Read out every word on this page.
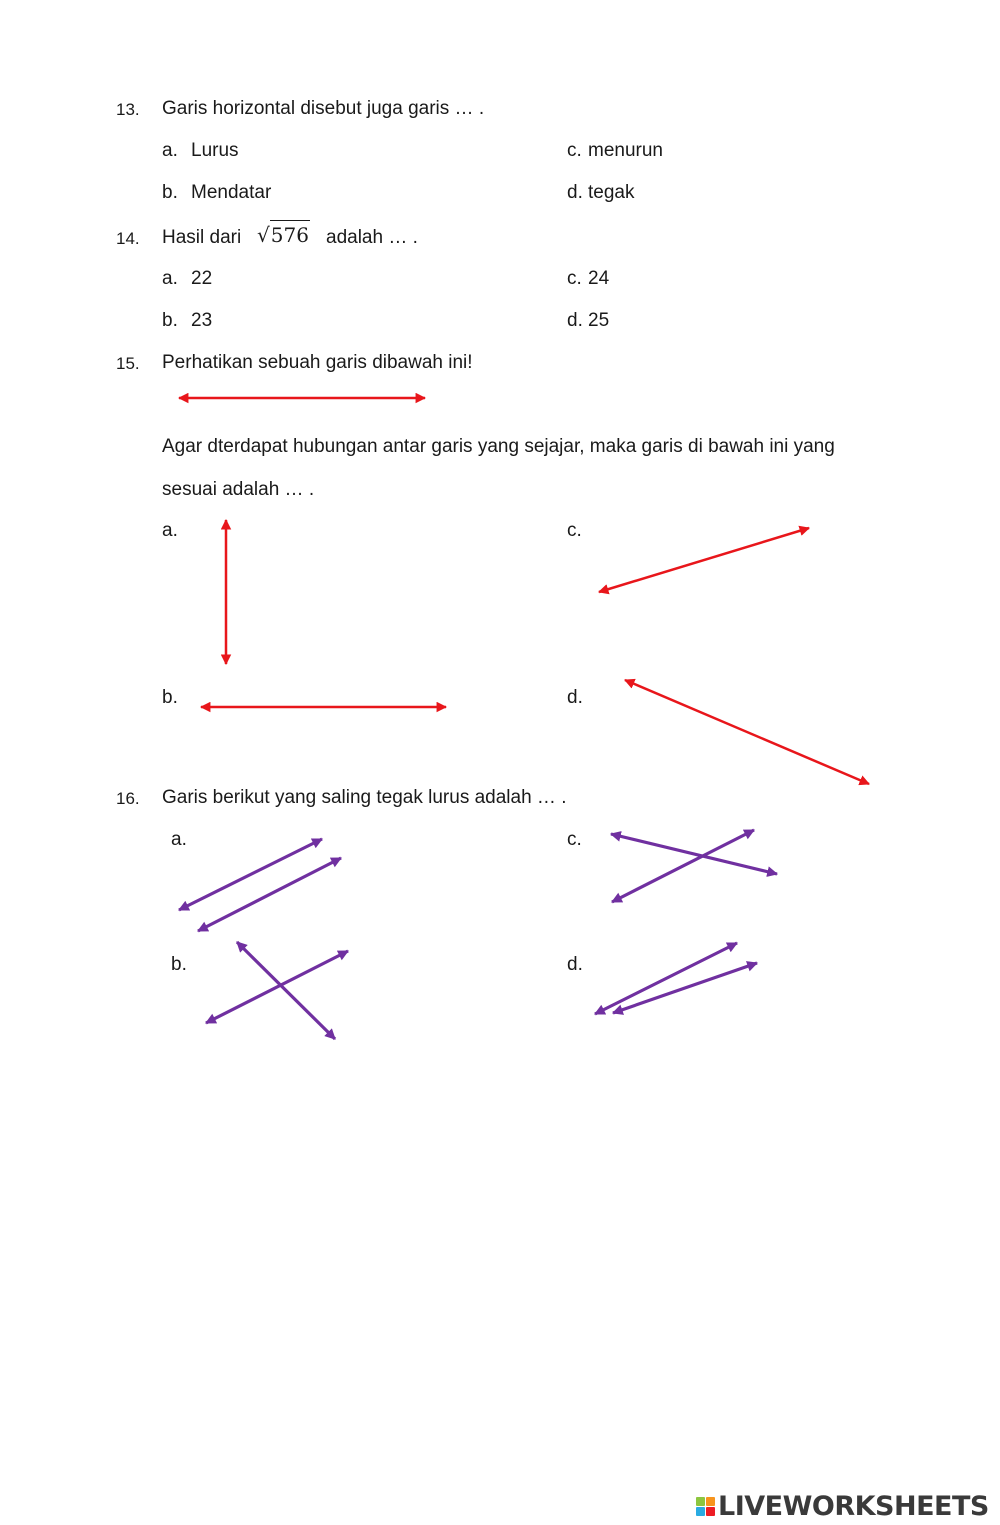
13. Garis horizontal disebut juga garis … .
a. Lurus
b. Mendatar
c. menurun
d. tegak
14. Hasil dari √576 adalah … .
a. 22
b. 23
c. 24
d. 25
15. Perhatikan sebuah garis dibawah ini!
Agar dterdapat hubungan antar garis yang sejajar, maka garis di bawah ini yang
sesuai adalah … .
a.
b.
c.
d.
16. Garis berikut yang saling tegak lurus adalah … .
a.
b.
c.
d.
LIVEWORKSHEETS
